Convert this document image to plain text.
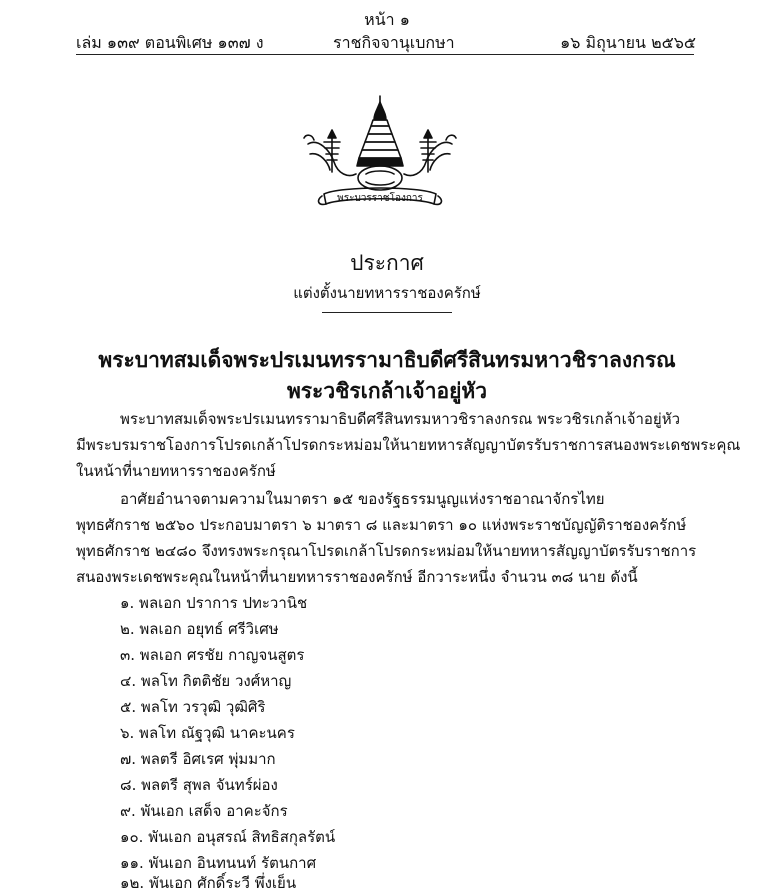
หน้า ๑
เล่ม ๑๓๙ ตอนพิเศษ ๑๓๗ ง	ราชกิจจานุเบกษา	๑๖ มิถุนายน ๒๕๖๕
พระบวรราชโองการ
ประกาศ
แต่งตั้งนายทหารราชองครักษ์
พระบาทสมเด็จพระปรเมนทรรามาธิบดีศรีสินทรมหาวชิราลงกรณ
พระวชิรเกล้าเจ้าอยู่หัว
พระบาทสมเด็จพระปรเมนทรรามาธิบดีศรีสินทรมหาวชิราลงกรณ พระวชิรเกล้าเจ้าอยู่หัว
มีพระบรมราชโองการโปรดเกล้าโปรดกระหม่อมให้นายทหารสัญญาบัตรรับราชการสนองพระเดชพระคุณ
ในหน้าที่นายทหารราชองครักษ์
อาศัยอำนาจตามความในมาตรา ๑๕ ของรัฐธรรมนูญแห่งราชอาณาจักรไทย
พุทธศักราช ๒๕๖๐ ประกอบมาตรา ๖ มาตรา ๘ และมาตรา ๑๐ แห่งพระราชบัญญัติราชองครักษ์
พุทธศักราช ๒๔๘๐ จึงทรงพระกรุณาโปรดเกล้าโปรดกระหม่อมให้นายทหารสัญญาบัตรรับราชการ
สนองพระเดชพระคุณในหน้าที่นายทหารราชองครักษ์ อีกวาระหนึ่ง จำนวน ๓๘ นาย ดังนี้
๑. พลเอก ปราการ ปทะวานิช
๒. พลเอก อยุทธ์ ศรีวิเศษ
๓. พลเอก ศรชัย กาญจนสูตร
๔. พลโท กิตติชัย วงศ์หาญ
๕. พลโท วรวุฒิ วุฒิศิริ
๖. พลโท ณัฐวุฒิ นาคะนคร
๗. พลตรี อิศเรศ พุ่มมาก
๘. พลตรี สุพล จันทร์ผ่อง
๙. พันเอก เสด็จ อาคะจักร
๑๐. พันเอก อนุสรณ์ สิทธิสกุลรัตน์
๑๑. พันเอก อินทนนท์ รัตนกาศ
๑๒. พันเอก ศักดิ์ระวี พึ่งเย็น
